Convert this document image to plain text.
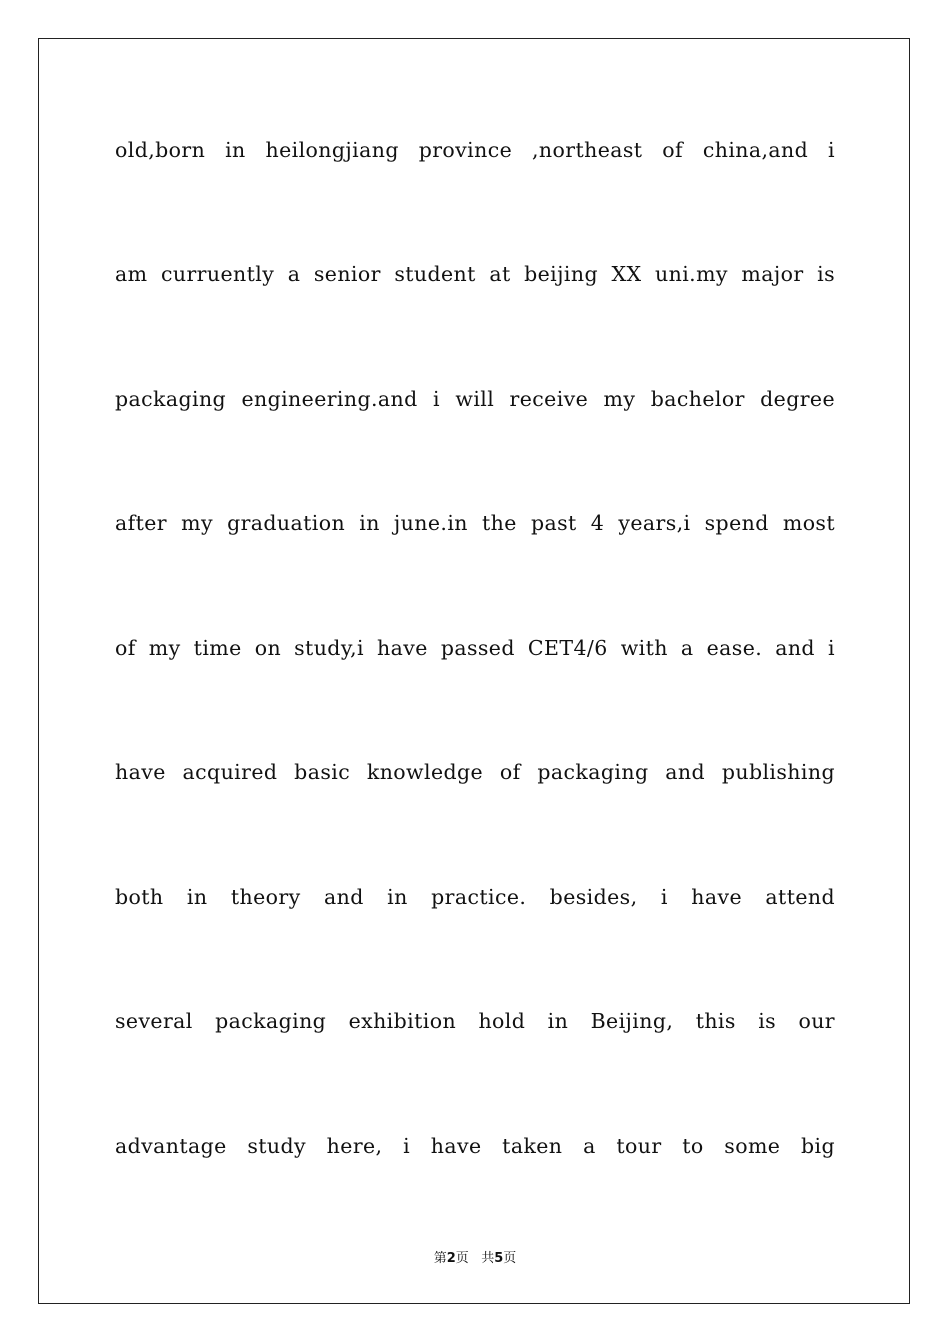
old,born in heilongjiang province ,northeast of china,and i
am curruently a senior student at beijing XX uni.my major is
packaging engineering.and i will receive my bachelor degree
after my graduation in june.in the past 4 years,i spend most
of my time on study,i have passed CET4/6 with a ease. and i
have acquired basic knowledge of packaging and publishing
both in theory and in practice. besides, i have attend
several packaging exhibition hold in Beijing, this is our
advantage study here, i have taken a tour to some big
第2页 共5页
